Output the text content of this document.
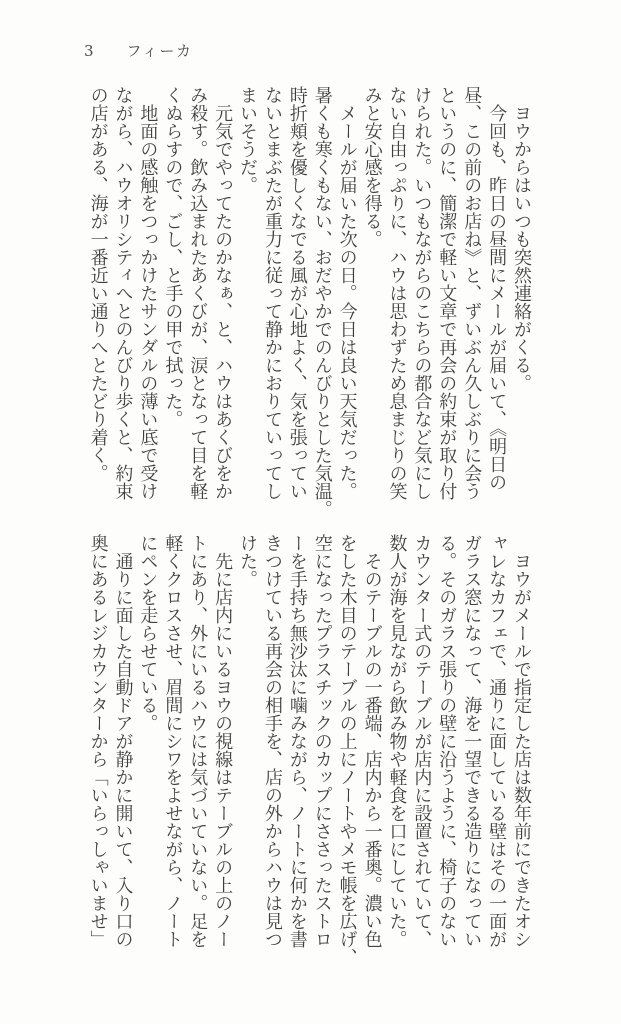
3 フィーカ
　ヨウからはいつも突然連絡がくる。
　今回も、昨日の昼間にメールが届いて、《明日の
昼、この前のお店ね》と、ずいぶん久しぶりに会う
というのに、簡潔で軽い文章で再会の約束が取り付
けられた。いつもながらのこちらの都合など気にし
ない自由っぷりに、ハウは思わずため息まじりの笑
みと安心感を得る。
　メールが届いた次の日。今日は良い天気だった。
暑くも寒くもない、おだやかでのんびりとした気温。
時折頬を優しくなでる風が心地よく、気を張ってい
ないとまぶたが重力に従って静かにおりていってし
まいそうだ。
　元気でやってたのかなぁ、と、ハウはあくびをか
み殺す。飲み込まれたあくびが、涙となって目を軽
くぬらすので、ごし、と手の甲で拭った。
　地面の感触をつっかけたサンダルの薄い底で受け
ながら、ハウオリシティへとのんびり歩くと、約束
の店がある、海が一番近い通りへとたどり着く。
　ヨウがメールで指定した店は数年前にできたオシ
ャレなカフェで、通りに面している壁はその一面が
ガラス窓になって、海を一望できる造りになってい
る。そのガラス張りの壁に沿うように、椅子のない
カウンター式のテーブルが店内に設置されていて、
数人が海を見ながら飲み物や軽食を口にしていた。
　そのテーブルの一番端、店内から一番奥。濃い色
をした木目のテーブルの上にノートやメモ帳を広げ、
空になったプラスチックのカップにささったストロ
ーを手持ち無沙汰に噛みながら、ノートに何かを書
きつけている再会の相手を、店の外からハウは見つ
けた。
　先に店内にいるヨウの視線はテーブルの上のノー
トにあり、外にいるハウには気づいていない。足を
軽くクロスさせ、眉間にシワをよせながら、ノート
にペンを走らせている。
　通りに面した自動ドアが静かに開いて、入り口の
奥にあるレジカウンターから「いらっしゃいませ」
